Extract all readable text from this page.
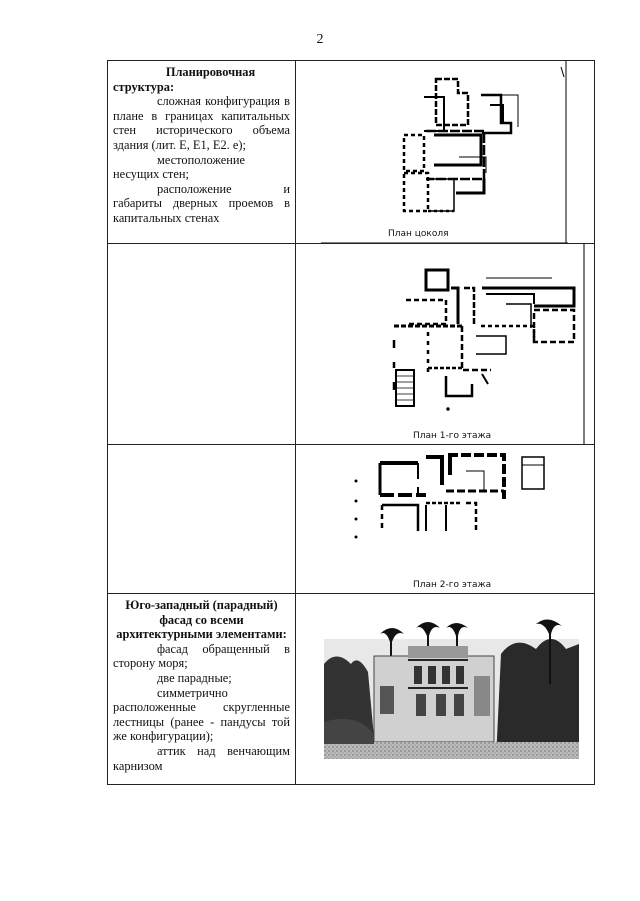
2
Планировочная
структура:

сложная конфигурация в плане в границах капитальных стен исторического объема здания (лит. Е, Е1, Е2. е);

местоположение несущих стен;

расположение и габариты дверных проемов в капитальных стенах	План цоколя

	План 1-го этажа

	План 2-го этажа

Юго-западный (парадный) фасад со всеми архитектурными элементами:

фасад обращенный в сторону моря;

две парадные;

симметрично расположенные скругленные лестницы (ранее - пандусы той же конфигурации);

аттик над венчающим карнизом
